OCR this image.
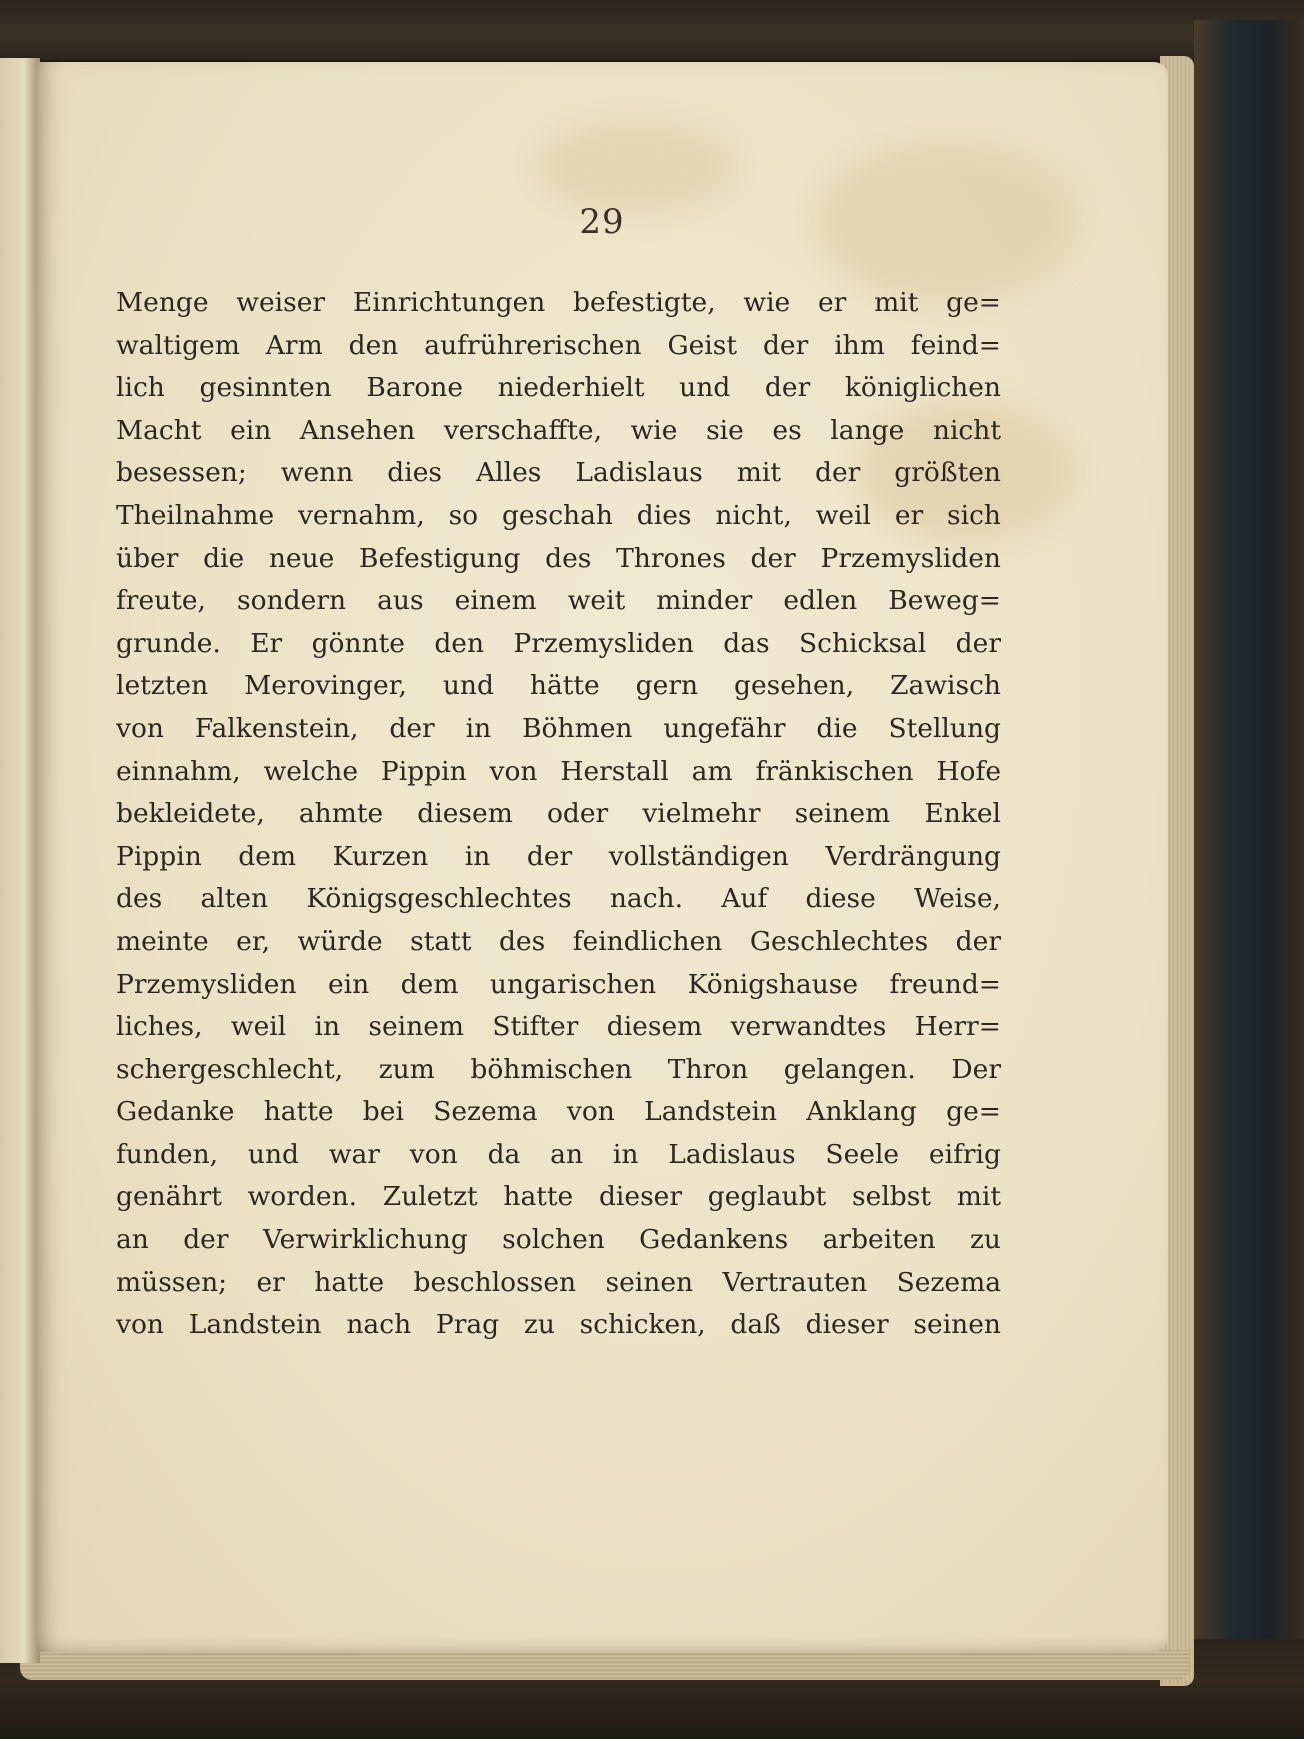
29
Menge weiser Einrichtungen befestigte, wie er mit ge=
waltigem Arm den aufrührerischen Geist der ihm feind=
lich gesinnten Barone niederhielt und der königlichen
Macht ein Ansehen verschaffte, wie sie es lange nicht
besessen; wenn dies Alles Ladislaus mit der größten
Theilnahme vernahm, so geschah dies nicht, weil er sich
über die neue Befestigung des Thrones der Przemysliden
freute, sondern aus einem weit minder edlen Beweg=
grunde. Er gönnte den Przemysliden das Schicksal der
letzten Merovinger, und hätte gern gesehen, Zawisch
von Falkenstein, der in Böhmen ungefähr die Stellung
einnahm, welche Pippin von Herstall am fränkischen Hofe
bekleidete, ahmte diesem oder vielmehr seinem Enkel
Pippin dem Kurzen in der vollständigen Verdrängung
des alten Königsgeschlechtes nach. Auf diese Weise,
meinte er, würde statt des feindlichen Geschlechtes der
Przemysliden ein dem ungarischen Königshause freund=
liches, weil in seinem Stifter diesem verwandtes Herr=
schergeschlecht, zum böhmischen Thron gelangen. Der
Gedanke hatte bei Sezema von Landstein Anklang ge=
funden, und war von da an in Ladislaus Seele eifrig
genährt worden. Zuletzt hatte dieser geglaubt selbst mit
an der Verwirklichung solchen Gedankens arbeiten zu
müssen; er hatte beschlossen seinen Vertrauten Sezema
von Landstein nach Prag zu schicken, daß dieser seinen
